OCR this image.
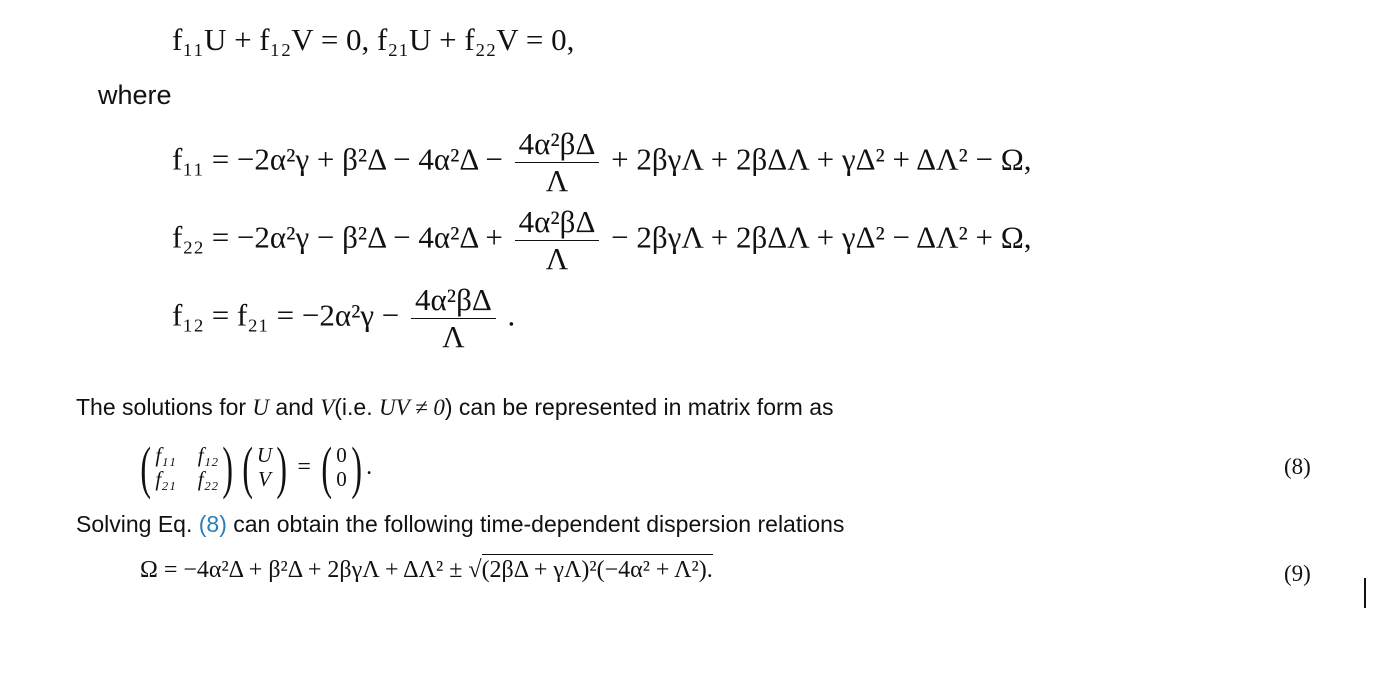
f₁₁U + f₁₂V = 0, f₂₁U + f₂₂V = 0,
where
$f_{11} = -2\alpha^2\gamma + \beta^2\Delta - 4\alpha^2\Delta - \frac{\text{4α²βΔ}}{\Lambda} + 2\beta\gamma\Lambda + 2\beta\Delta\Lambda + \gamma\Delta^2 + \Delta\Lambda^2 - \Omega$,
$f_{22} = -2\alpha^2\gamma - \beta^2\Delta - 4\alpha^2\Delta + \frac{\text{4α²βΔ}}{\Lambda} - 2\beta\gamma\Lambda + 2\beta\Delta\Lambda + \gamma\Delta^2 - \Delta\Lambda^2 + \Omega$,
$f_{12} = f_{21} = -2\alpha^2\gamma - \frac{\text{4α²βΔ}}{\Lambda}$ .
The solutions for U and V(i.e. UV ≠ 0) can be represented in matrix form as
( f₁₁ f₁₂
f₂₁ f₂₂ ) ( U
V ) = ( 0
0 ) .	(8)
Solving Eq. (8) can obtain the following time-dependent dispersion relations
Ω = −4α²Δ + β²Δ + 2βγΛ + ΔΛ² ± √(2βΔ + γΛ)²(−4α² + Λ²).	(9)
